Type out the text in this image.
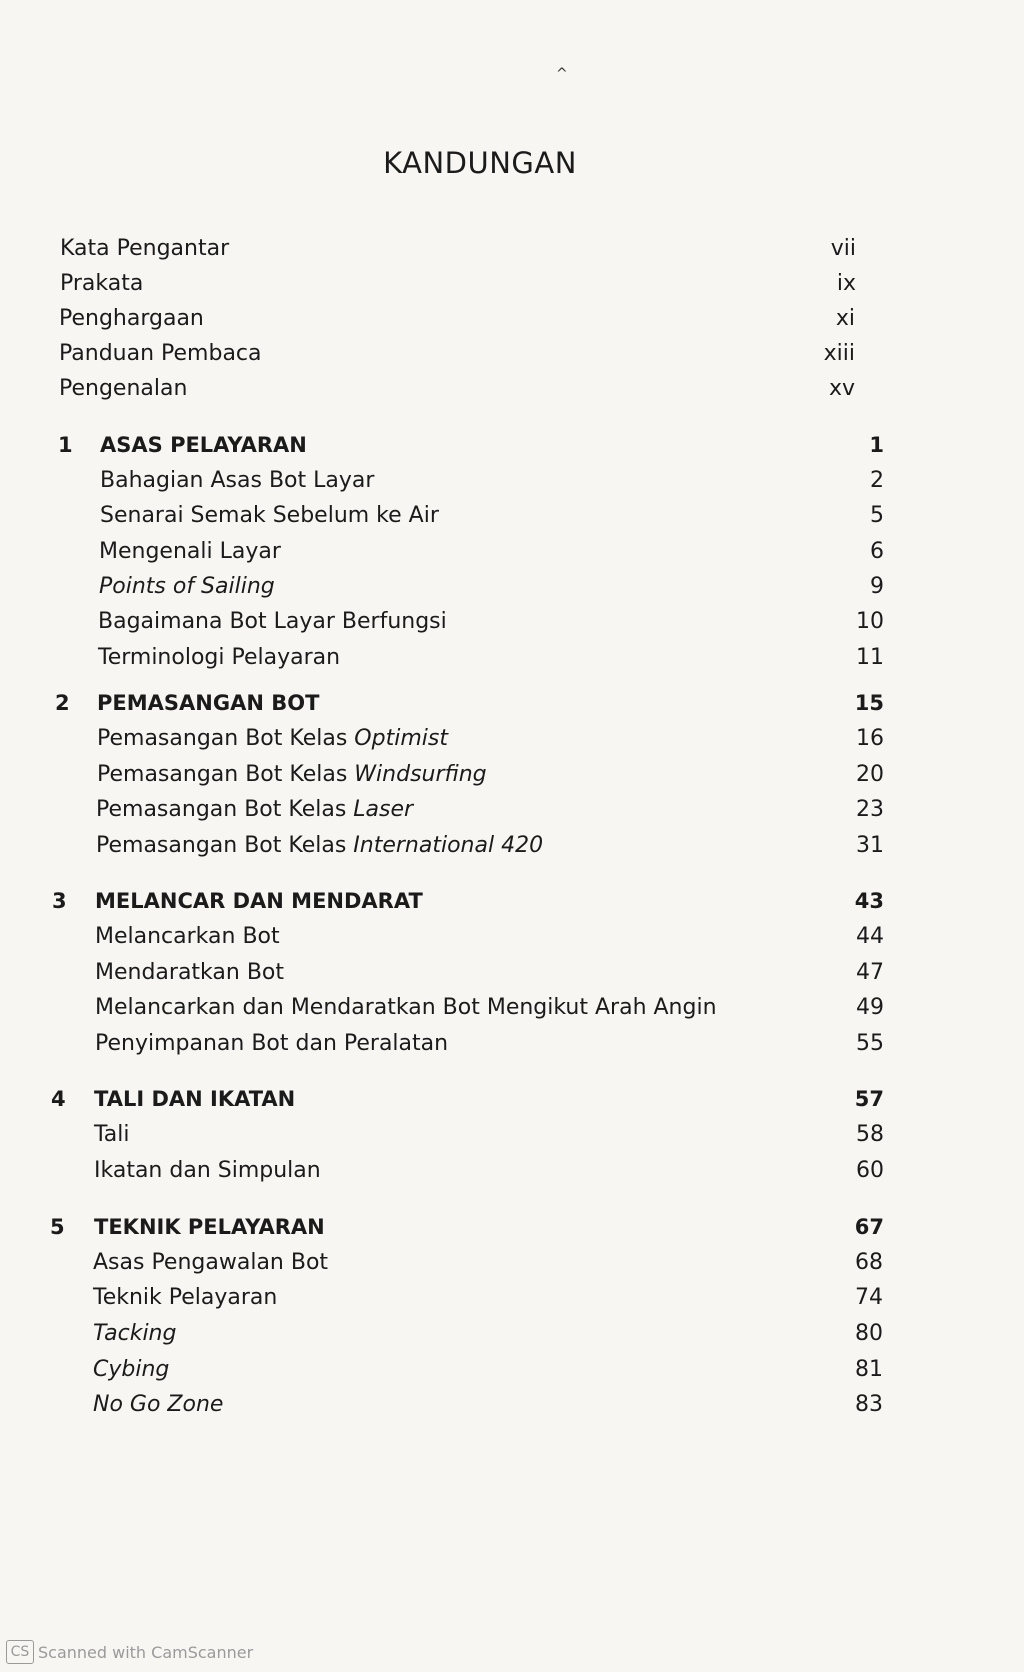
^
KANDUNGAN
Kata Pengantar	vii
Prakata	ix
Penghargaan	xi
Panduan Pembaca	xiii
Pengenalan	xv
1 ASAS PELAYARAN	1
Bahagian Asas Bot Layar	2
Senarai Semak Sebelum ke Air	5
Mengenali Layar	6
Points of Sailing	9
Bagaimana Bot Layar Berfungsi	10
Terminologi Pelayaran	11
2 PEMASANGAN BOT	15
Pemasangan Bot Kelas Optimist	16
Pemasangan Bot Kelas Windsurfing	20
Pemasangan Bot Kelas Laser	23
Pemasangan Bot Kelas International 420	31
3 MELANCAR DAN MENDARAT	43
Melancarkan Bot	44
Mendaratkan Bot	47
Melancarkan dan Mendaratkan Bot Mengikut Arah Angin	49
Penyimpanan Bot dan Peralatan	55
4 TALI DAN IKATAN	57
Tali	58
Ikatan dan Simpulan	60
5 TEKNIK PELAYARAN	67
Asas Pengawalan Bot	68
Teknik Pelayaran	74
Tacking	80
Cybing	81
No Go Zone	83
CS Scanned with CamScanner
